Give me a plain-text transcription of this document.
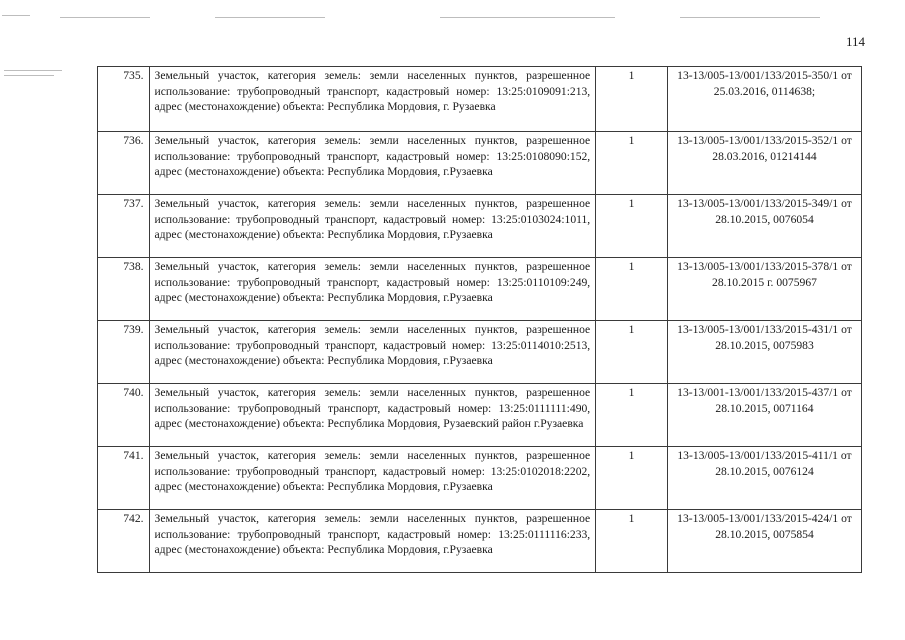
114
735.	Земельный участок, категория земель: земли населенных пунктов, разрешенное использование: трубопроводный транспорт, кадастровый номер: 13:25:0109091:213, адрес (местонахождение) объекта: Республика Мордовия, г. Рузаевка	1	13-13/005-13/001/133/2015-350/1 от 25.03.2016, 0114638;
736.	Земельный участок, категория земель: земли населенных пунктов, разрешенное использование: трубопроводный транспорт, кадастровый номер: 13:25:0108090:152, адрес (местонахождение) объекта: Республика Мордовия, г.Рузаевка	1	13-13/005-13/001/133/2015-352/1 от 28.03.2016, 01214144
737.	Земельный участок, категория земель: земли населенных пунктов, разрешенное использование: трубопроводный транспорт, кадастровый номер: 13:25:0103024:1011, адрес (местонахождение) объекта: Республика Мордовия, г.Рузаевка	1	13-13/005-13/001/133/2015-349/1 от 28.10.2015, 0076054
738.	Земельный участок, категория земель: земли населенных пунктов, разрешенное использование: трубопроводный транспорт, кадастровый номер: 13:25:0110109:249, адрес (местонахождение) объекта: Республика Мордовия, г.Рузаевка	1	13-13/005-13/001/133/2015-378/1 от 28.10.2015 г. 0075967
739.	Земельный участок, категория земель: земли населенных пунктов, разрешенное использование: трубопроводный транспорт, кадастровый номер: 13:25:0114010:2513, адрес (местонахождение) объекта: Республика Мордовия, г.Рузаевка	1	13-13/005-13/001/133/2015-431/1 от 28.10.2015, 0075983
740.	Земельный участок, категория земель: земли населенных пунктов, разрешенное использование: трубопроводный транспорт, кадастровый номер: 13:25:0111111:490, адрес (местонахождение) объекта: Республика Мордовия, Рузаевский район г.Рузаевка	1	13-13/001-13/001/133/2015-437/1 от 28.10.2015, 0071164
741.	Земельный участок, категория земель: земли населенных пунктов, разрешенное использование: трубопроводный транспорт, кадастровый номер: 13:25:0102018:2202, адрес (местонахождение) объекта: Республика Мордовия, г.Рузаевка	1	13-13/005-13/001/133/2015-411/1 от 28.10.2015, 0076124
742.	Земельный участок, категория земель: земли населенных пунктов, разрешенное использование: трубопроводный транспорт, кадастровый номер: 13:25:0111116:233, адрес (местонахождение) объекта: Республика Мордовия, г.Рузаевка	1	13-13/005-13/001/133/2015-424/1 от 28.10.2015, 0075854
